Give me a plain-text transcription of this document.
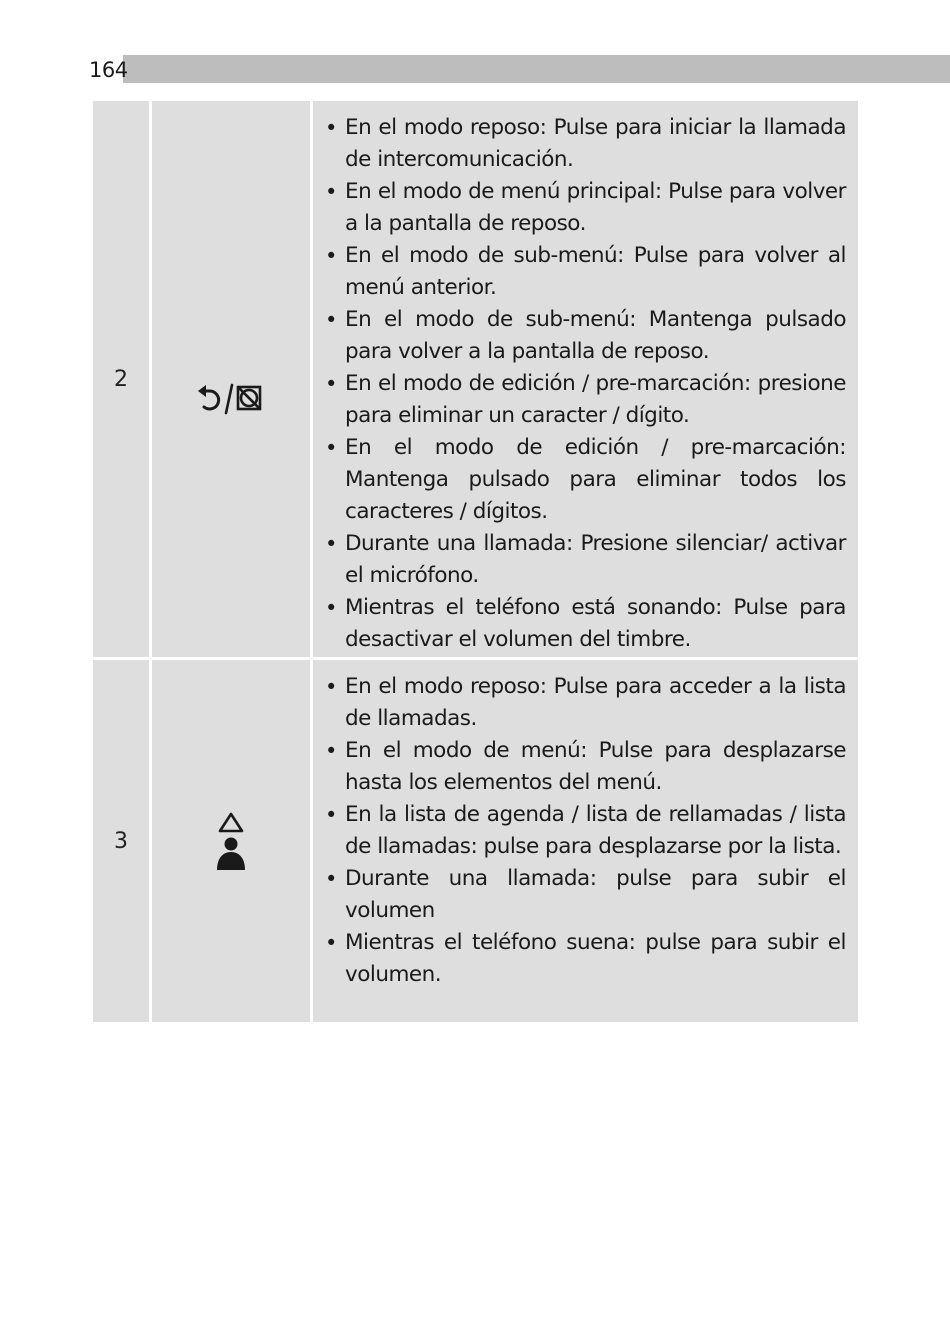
164
2
• En el modo reposo: Pulse para iniciar la llamada de intercomunicación.
• En el modo de menú principal: Pulse para volver a la pantalla de reposo.
• En el modo de sub-menú: Pulse para volver al menú anterior.
• En el modo de sub-menú: Mantenga pulsado para volver a la pantalla de reposo.
• En el modo de edición / pre-marcación: presione para eliminar un caracter / dígito.
• En el modo de edición / pre-marcación: Mantenga pulsado para eliminar todos los caracteres / dígitos.
• Durante una llamada: Presione silenciar/ activar el micrófono.
• Mientras el teléfono está sonando: Pulse para desactivar el volumen del timbre.
3
• En el modo reposo: Pulse para acceder a la lista de llamadas.
• En el modo de menú: Pulse para desplazarse hasta los elementos del menú.
• En la lista de agenda / lista de rellamadas / lista de llamadas: pulse para desplazarse por la lista.
• Durante una llamada: pulse para subir el volumen
• Mientras el teléfono suena: pulse para subir el volumen.
